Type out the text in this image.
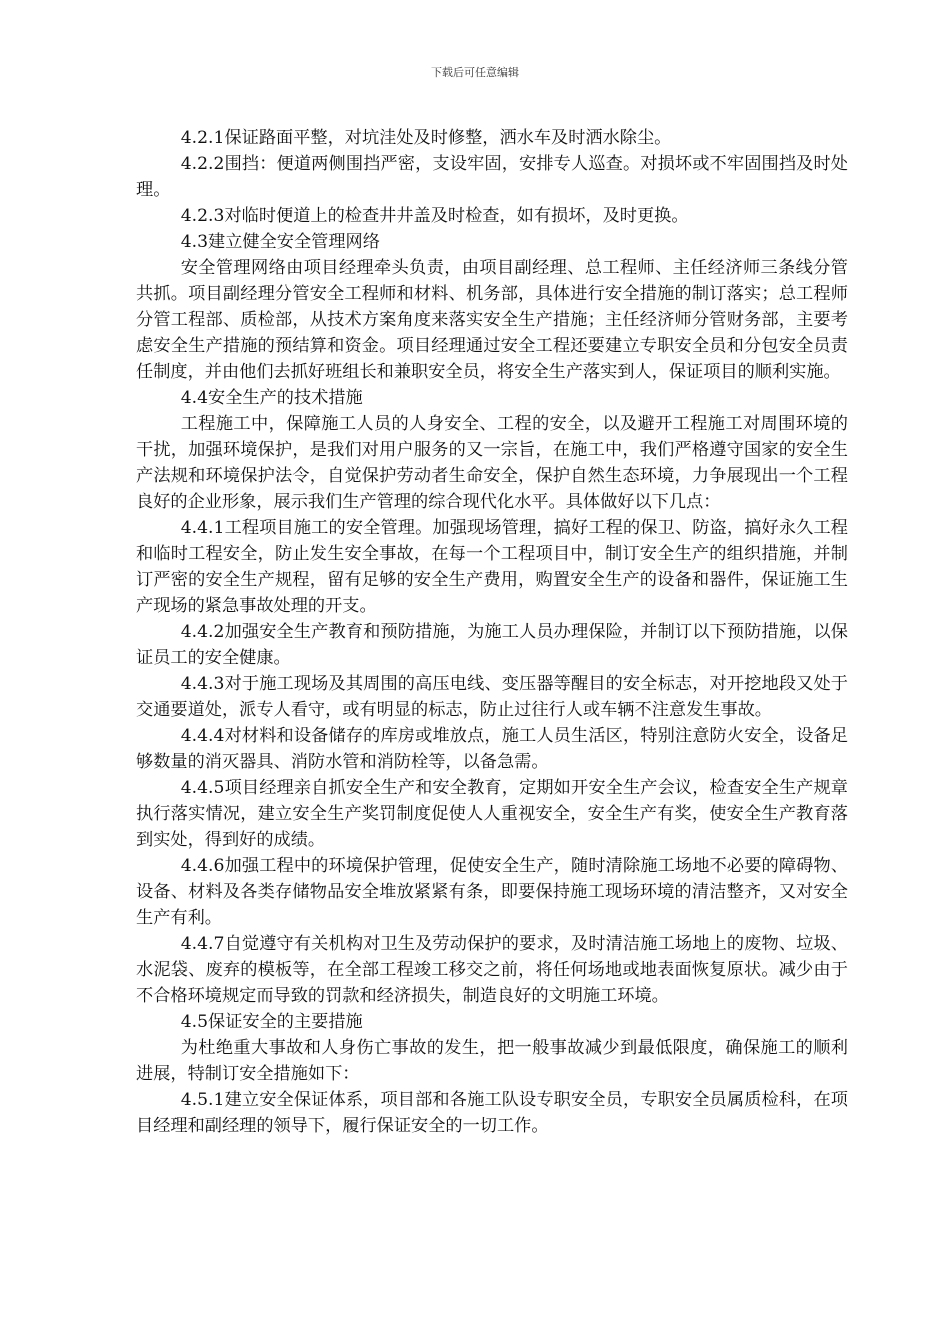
下载后可任意编辑

4.2.1保证路面平整，对坑洼处及时修整，洒水车及时洒水除尘。

4.2.2围挡：便道两侧围挡严密，支设牢固，安排专人巡查。对损坏或不牢固围挡及时处理。

4.2.3对临时便道上的检查井井盖及时检查，如有损坏，及时更换。

4.3建立健全安全管理网络

安全管理网络由项目经理牵头负责，由项目副经理、总工程师、主任经济师三条线分管共抓。项目副经理分管安全工程师和材料、机务部，具体进行安全措施的制订落实；总工程师分管工程部、质检部，从技术方案角度来落实安全生产措施；主任经济师分管财务部，主要考虑安全生产措施的预结算和资金。项目经理通过安全工程还要建立专职安全员和分包安全员责任制度，并由他们去抓好班组长和兼职安全员，将安全生产落实到人，保证项目的顺利实施。

4.4安全生产的技术措施

工程施工中，保障施工人员的人身安全、工程的安全，以及避开工程施工对周围环境的干扰，加强环境保护，是我们对用户服务的又一宗旨，在施工中，我们严格遵守国家的安全生产法规和环境保护法令，自觉保护劳动者生命安全，保护自然生态环境，力争展现出一个工程良好的企业形象，展示我们生产管理的综合现代化水平。具体做好以下几点：

4.4.1工程项目施工的安全管理。加强现场管理，搞好工程的保卫、防盗，搞好永久工程和临时工程安全，防止发生安全事故，在每一个工程项目中，制订安全生产的组织措施，并制订严密的安全生产规程，留有足够的安全生产费用，购置安全生产的设备和器件，保证施工生产现场的紧急事故处理的开支。

4.4.2加强安全生产教育和预防措施，为施工人员办理保险，并制订以下预防措施，以保证员工的安全健康。

4.4.3对于施工现场及其周围的高压电线、变压器等醒目的安全标志，对开挖地段又处于交通要道处，派专人看守，或有明显的标志，防止过往行人或车辆不注意发生事故。

4.4.4对材料和设备储存的库房或堆放点，施工人员生活区，特别注意防火安全，设备足够数量的消灭器具、消防水管和消防栓等，以备急需。

4.4.5项目经理亲自抓安全生产和安全教育，定期如开安全生产会议，检查安全生产规章执行落实情况，建立安全生产奖罚制度促使人人重视安全，安全生产有奖，使安全生产教育落到实处，得到好的成绩。

4.4.6加强工程中的环境保护管理，促使安全生产，随时清除施工场地不必要的障碍物、设备、材料及各类存储物品安全堆放紧紧有条，即要保持施工现场环境的清洁整齐，又对安全生产有利。

4.4.7自觉遵守有关机构对卫生及劳动保护的要求，及时清洁施工场地上的废物、垃圾、水泥袋、废弃的模板等，在全部工程竣工移交之前，将任何场地或地表面恢复原状。减少由于不合格环境规定而导致的罚款和经济损失，制造良好的文明施工环境。

4.5保证安全的主要措施

为杜绝重大事故和人身伤亡事故的发生，把一般事故减少到最低限度，确保施工的顺利进展，特制订安全措施如下：

4.5.1建立安全保证体系，项目部和各施工队设专职安全员，专职安全员属质检科，在项目经理和副经理的领导下，履行保证安全的一切工作。
